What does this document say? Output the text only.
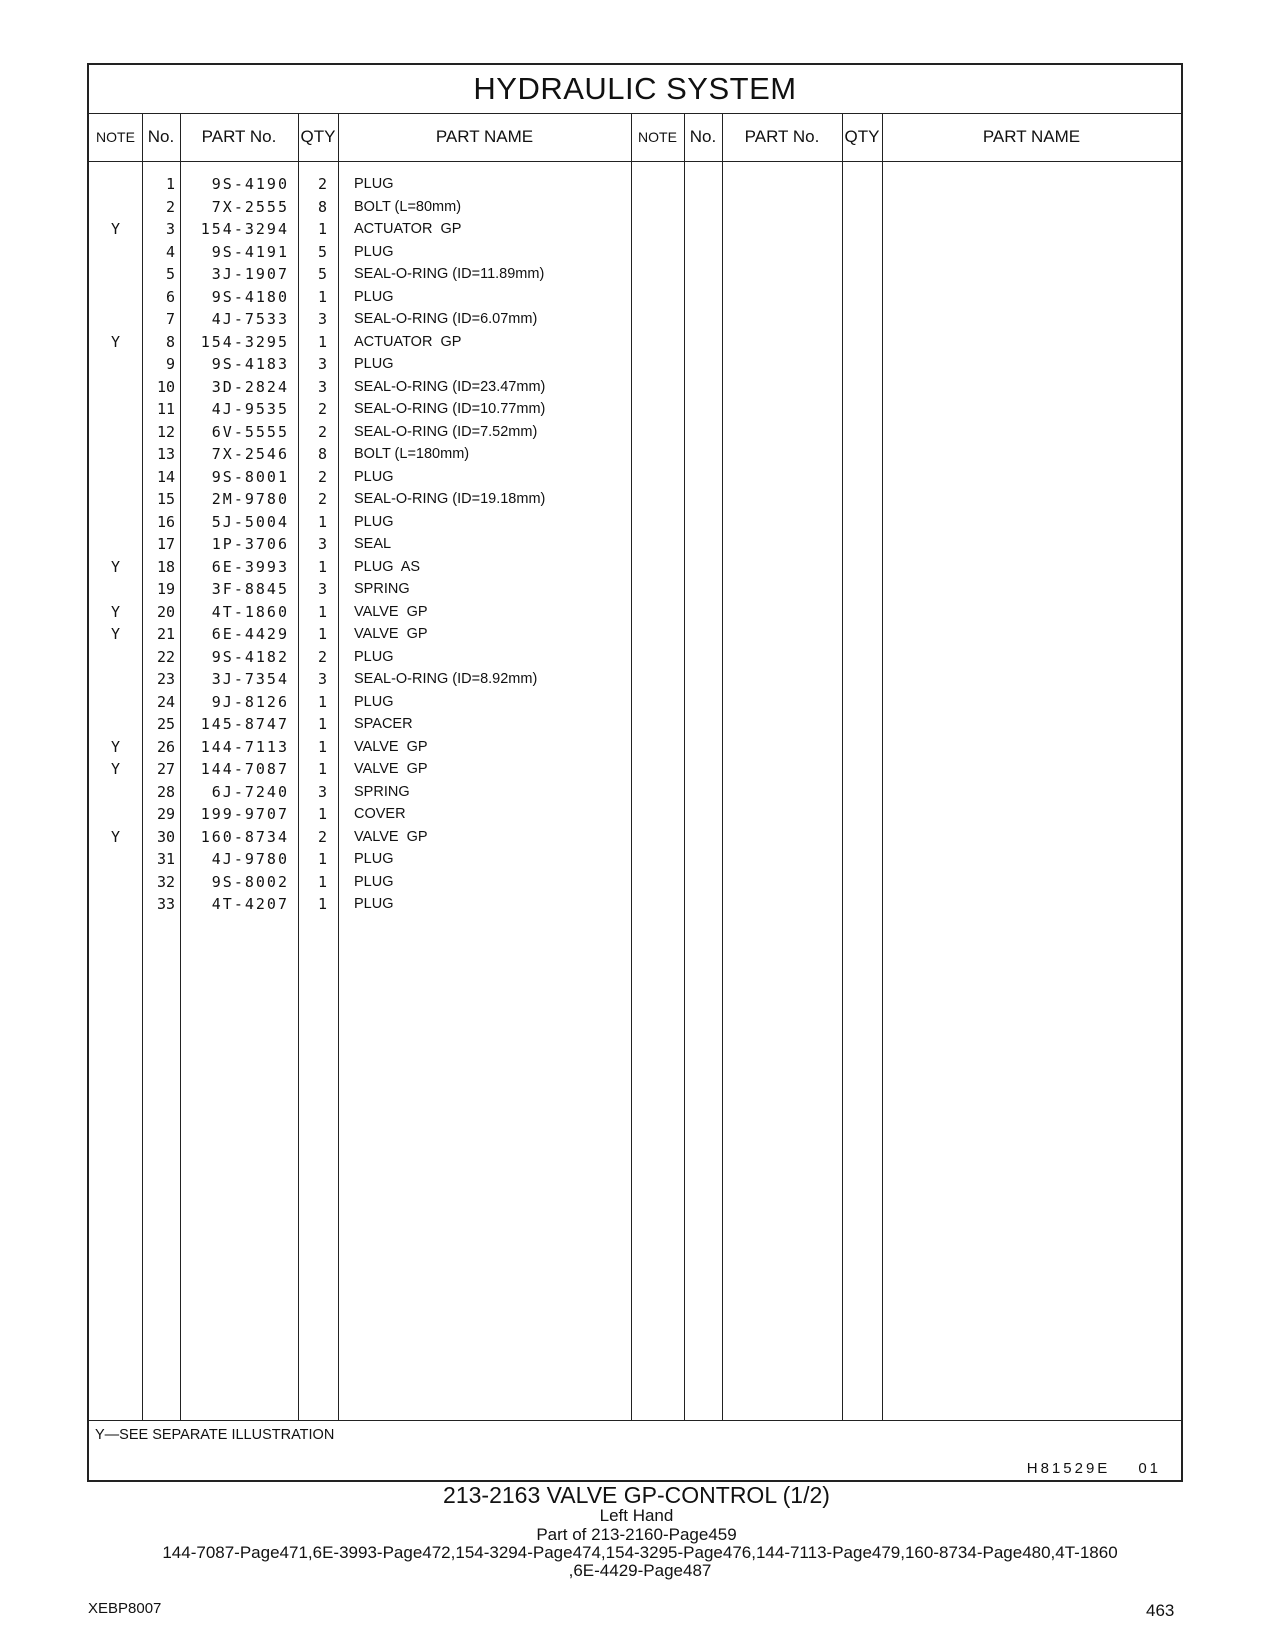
HYDRAULIC SYSTEM
NOTE No.	PART No.	QTY	PART NAME	NOTE No.	PART No.	QTY	PART NAME
1	9S-4190	2 PLUG
2	7X-2555	8 BOLT (L=80mm)
Y	3	154-3294	1 ACTUATOR  GP
4	9S-4191	5 PLUG
5	3J-1907	5 SEAL-O-RING (ID=11.89mm)
6	9S-4180	1 PLUG
7	4J-7533	3 SEAL-O-RING (ID=6.07mm)
Y	8	154-3295	1 ACTUATOR  GP
9	9S-4183	3 PLUG
10	3D-2824	3 SEAL-O-RING (ID=23.47mm)
11	4J-9535	2 SEAL-O-RING (ID=10.77mm)
12	6V-5555	2 SEAL-O-RING (ID=7.52mm)
13	7X-2546	8 BOLT (L=180mm)
14	9S-8001	2 PLUG
15	2M-9780	2 SEAL-O-RING (ID=19.18mm)
16	5J-5004	1 PLUG
17	1P-3706	3 SEAL
Y	18	6E-3993	1 PLUG  AS
19	3F-8845	3 SPRING
Y	20	4T-1860	1 VALVE  GP
Y	21	6E-4429	1 VALVE  GP
22	9S-4182	2 PLUG
23	3J-7354	3 SEAL-O-RING (ID=8.92mm)
24	9J-8126	1 PLUG
25	145-8747	1 SPACER
Y	26	144-7113	1 VALVE  GP
Y	27	144-7087	1 VALVE  GP
28	6J-7240	3 SPRING
29	199-9707	1 COVER
Y	30	160-8734	2 VALVE  GP
31	4J-9780	1 PLUG
32	9S-8002	1 PLUG
33	4T-4207	1 PLUG
Y—SEE SEPARATE ILLUSTRATION
H81529E 01
213-2163 VALVE GP-CONTROL (1/2)
Left Hand
Part of 213-2160-Page459
144-7087-Page471,6E-3993-Page472,154-3294-Page474,154-3295-Page476,144-7113-Page479,160-8734-Page480,4T-1860
,6E-4429-Page487
XEBP8007	463
